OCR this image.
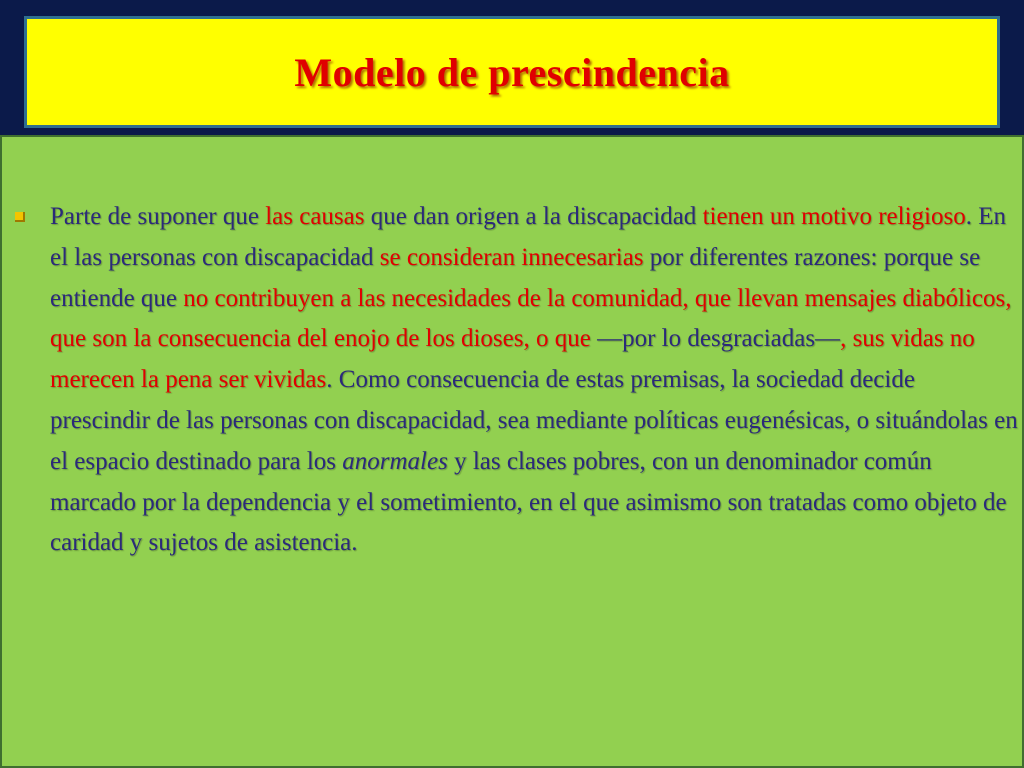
Modelo de prescindencia
Parte de suponer que las causas que dan origen a la discapacidad tienen un motivo religioso. En el las personas con discapacidad se consideran innecesarias por diferentes razones: porque se entiende que no contribuyen a las necesidades de la comunidad, que llevan mensajes diabólicos, que son la consecuencia del enojo de los dioses, o que —por lo desgraciadas—, sus vidas no merecen la pena ser vividas. Como consecuencia de estas premisas, la sociedad decide prescindir de las personas con discapacidad, sea mediante políticas eugenésicas, o situándolas en el espacio destinado para los anormales y las clases pobres, con un denominador común marcado por la dependencia y el sometimiento, en el que asimismo son tratadas como objeto de caridad y sujetos de asistencia.
